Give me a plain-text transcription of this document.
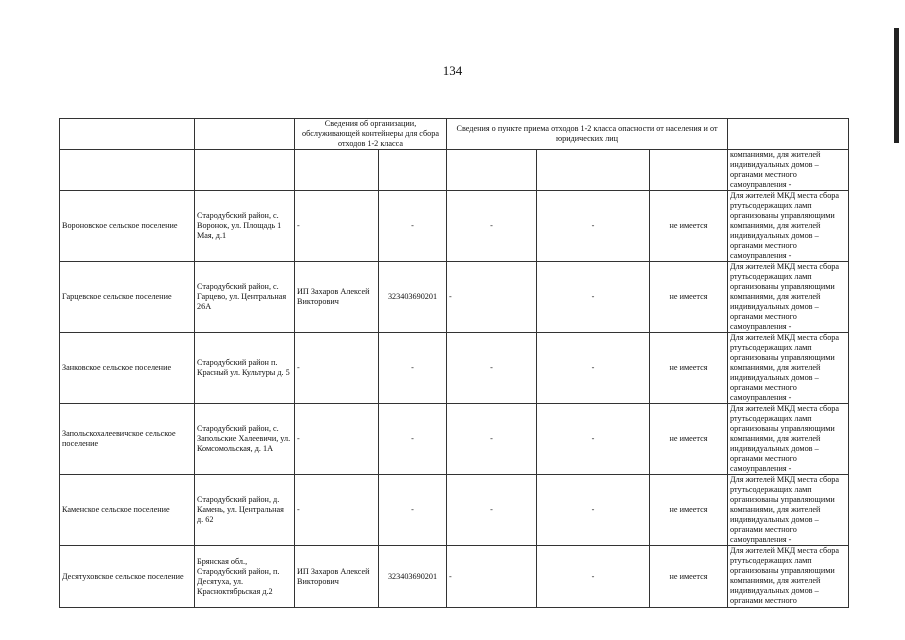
134
		Сведения об организации, обслуживающей контейнеры для сбора отходов 1-2 класса		Сведения о пункте приема отходов 1-2 класса опасности от населения и от юридических лиц			
							компаниями, для жителей индивидуальных домов – органами местного самоуправления -
Вороновское сельское поселение	Стародубский район, с. Воронок, ул. Площадь 1 Мая, д.1	-	-	-	-	не имеется	Для жителей МКД места сбора ртутьсодержащих ламп организованы управляющими компаниями, для жителей индивидуальных домов – органами местного самоуправления -
Гарцевское сельское поселение	Стародубский район, с. Гарцево, ул. Центральная 26А	ИП Захаров Алексей Викторович	323403690201	-	-	не имеется	Для жителей МКД места сбора ртутьсодержащих ламп организованы управляющими компаниями, для жителей индивидуальных домов – органами местного самоуправления -
Занковское сельское поселение	Стародубский район п. Красный ул. Культуры д. 5	-	-	-	-	не имеется	Для жителей МКД места сбора ртутьсодержащих ламп организованы управляющими компаниями, для жителей индивидуальных домов – органами местного самоуправления -
Запольскохалеевичское сельское поселение	Стародубский район, с. Запольские Халеевичи, ул. Комсомольская, д. 1А	-	-	-	-	не имеется	Для жителей МКД места сбора ртутьсодержащих ламп организованы управляющими компаниями, для жителей индивидуальных домов – органами местного самоуправления -
Каменское сельское поселение	Стародубский район, д. Камень, ул. Центральная д. 62	-	-	-	-	не имеется	Для жителей МКД места сбора ртутьсодержащих ламп организованы управляющими компаниями, для жителей индивидуальных домов – органами местного самоуправления -
Десятуховское сельское поселение	Брянская обл., Стародубский район, п. Десятуха, ул. Красноктябрьская д.2	ИП Захаров Алексей Викторович	323403690201	-	-	не имеется	Для жителей МКД места сбора ртутьсодержащих ламп организованы управляющими компаниями, для жителей индивидуальных домов – органами местного
